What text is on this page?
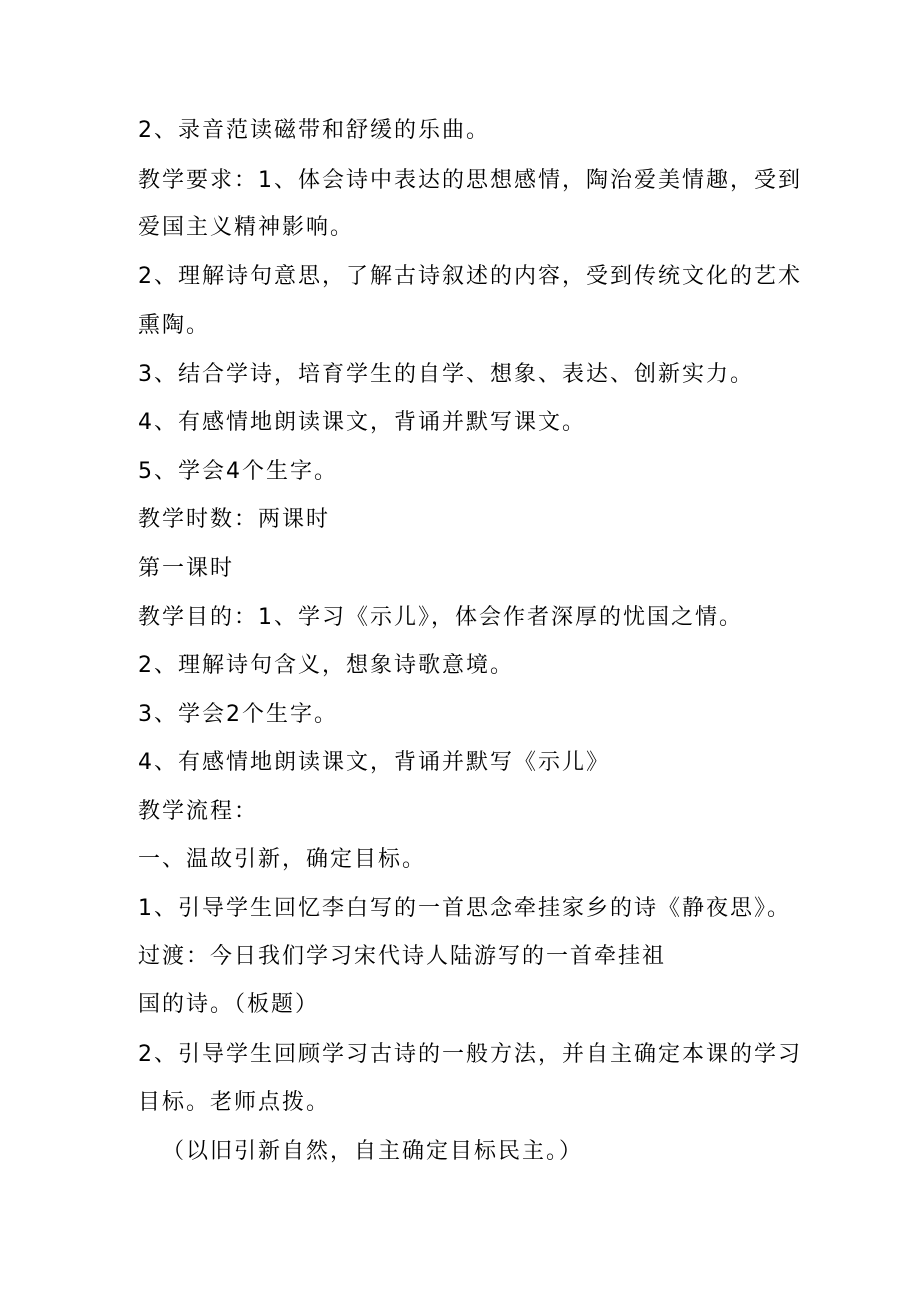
2、录音范读磁带和舒缓的乐曲。
教学要求：1、体会诗中表达的思想感情，陶治爱美情趣，受到
爱国主义精神影响。
2、理解诗句意思，了解古诗叙述的内容，受到传统文化的艺术
熏陶。
3、结合学诗，培育学生的自学、想象、表达、创新实力。
4、有感情地朗读课文，背诵并默写课文。
5、学会4个生字。
教学时数：两课时
第一课时
教学目的：1、学习《示儿》，体会作者深厚的忧国之情。
2、理解诗句含义，想象诗歌意境。
3、学会2个生字。
4、有感情地朗读课文，背诵并默写《示儿》
教学流程：
一、温故引新，确定目标。
1、引导学生回忆李白写的一首思念牵挂家乡的诗《静夜思》。
过渡：今日我们学习宋代诗人陆游写的一首牵挂祖
国的诗。（板题）
2、引导学生回顾学习古诗的一般方法，并自主确定本课的学习
目标。老师点拨。
（以旧引新自然，自主确定目标民主。）
